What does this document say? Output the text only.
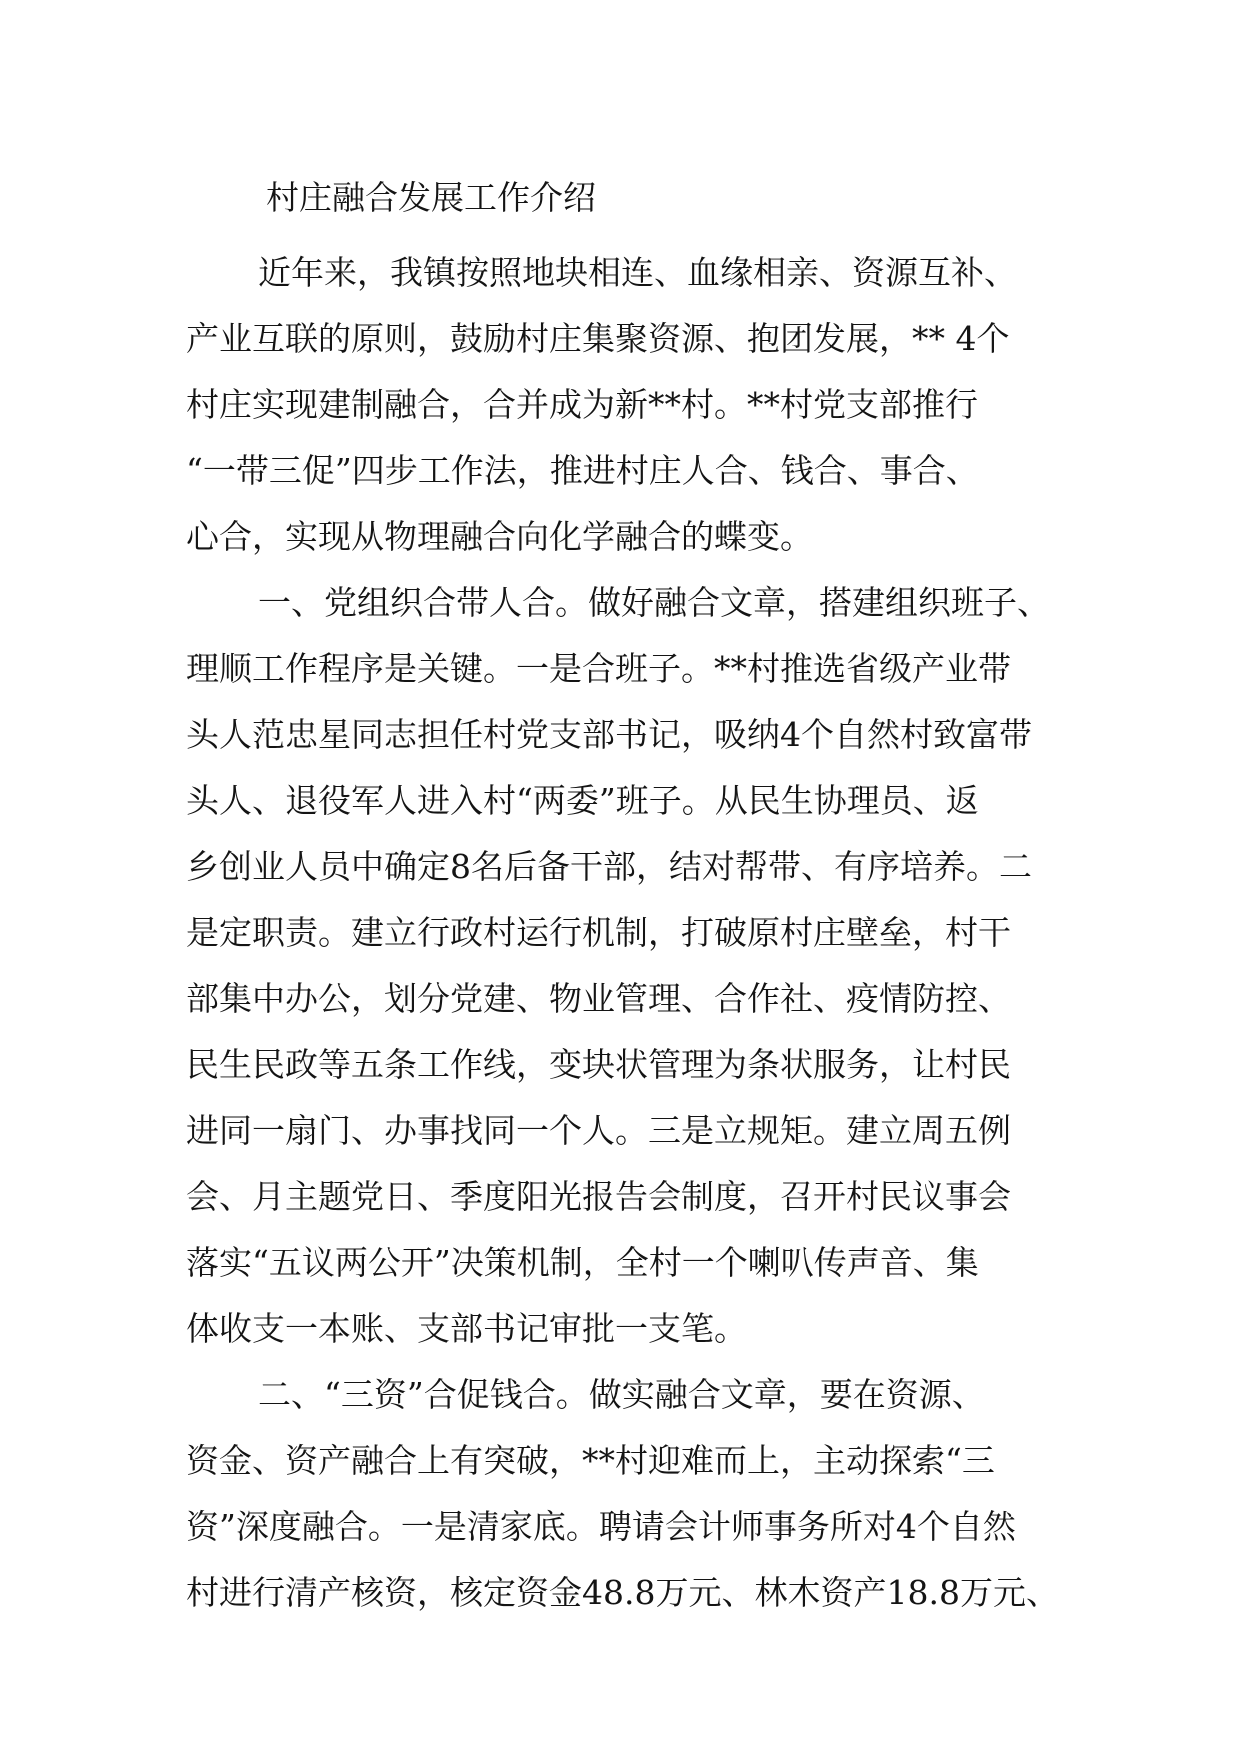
村庄融合发展工作介绍
近年来，我镇按照地块相连、血缘相亲、资源互补、
产业互联的原则，鼓励村庄集聚资源、抱团发展，** 4个
村庄实现建制融合，合并成为新**村。**村党支部推行
“一带三促”四步工作法，推进村庄人合、钱合、事合、
心合，实现从物理融合向化学融合的蝶变。
一、党组织合带人合。做好融合文章，搭建组织班子、
理顺工作程序是关键。一是合班子。**村推选省级产业带
头人范忠星同志担任村党支部书记，吸纳4个自然村致富带
头人、退役军人进入村“两委”班子。从民生协理员、返
乡创业人员中确定8名后备干部，结对帮带、有序培养。二
是定职责。建立行政村运行机制，打破原村庄壁垒，村干
部集中办公，划分党建、物业管理、合作社、疫情防控、
民生民政等五条工作线，变块状管理为条状服务，让村民
进同一扇门、办事找同一个人。三是立规矩。建立周五例
会、月主题党日、季度阳光报告会制度，召开村民议事会
落实“五议两公开”决策机制，全村一个喇叭传声音、集
体收支一本账、支部书记审批一支笔。
二、“三资”合促钱合。做实融合文章，要在资源、
资金、资产融合上有突破，**村迎难而上，主动探索“三
资”深度融合。一是清家底。聘请会计师事务所对4个自然
村进行清产核资，核定资金48.8万元、林木资产18.8万元、
